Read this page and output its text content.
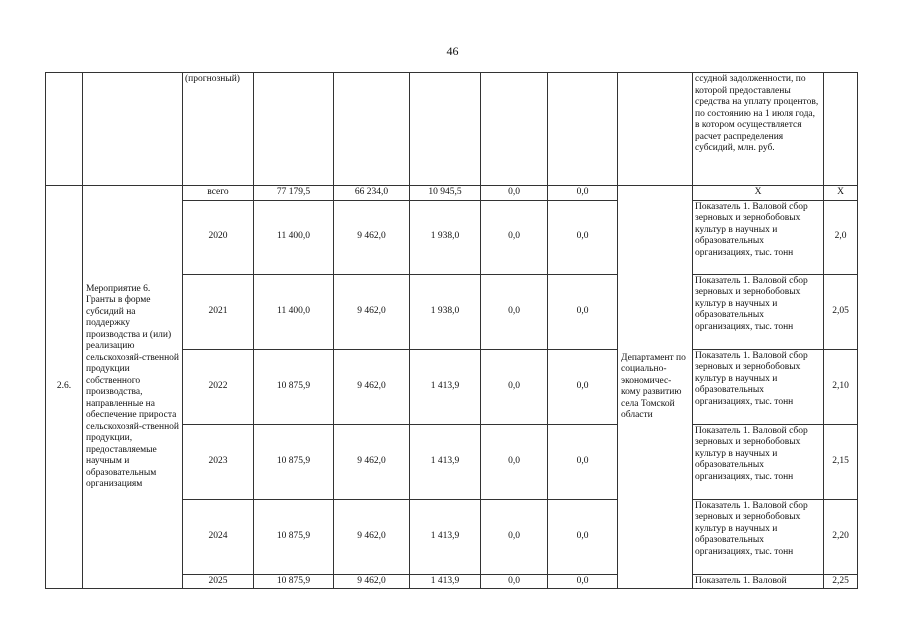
46
		(прогнозный)							ссудной задолженности, по которой предоставлены средства на уплату процентов, по состоянию на 1 июля года, в котором осуществляется расчет распределения субсидий, млн. руб.	
2.6.	Мероприятие 6. Гранты в форме субсидий на поддержку производства и (или) реализацию сельскохозяй-ственной продукции собственного производства, направленные на обеспечение прироста сельскохозяй-ственной продукции, предоставляемые научным и образовательным организациям	всего	77 179,5	66 234,0	10 945,5	0,0	0,0	Департамент по социально-экономичес-кому развитию села Томской области	X	X
		2020	11 400,0	9 462,0	1 938,0	0,0	0,0		Показатель 1. Валовой сбор зерновых и зернобобовых культур в научных и образовательных организациях, тыс. тонн	2,0
		2021	11 400,0	9 462,0	1 938,0	0,0	0,0		Показатель 1. Валовой сбор зерновых и зернобобовых культур в научных и образовательных организациях, тыс. тонн	2,05
		2022	10 875,9	9 462,0	1 413,9	0,0	0,0		Показатель 1. Валовой сбор зерновых и зернобобовых культур в научных и образовательных организациях, тыс. тонн	2,10
		2023	10 875,9	9 462,0	1 413,9	0,0	0,0		Показатель 1. Валовой сбор зерновых и зернобобовых культур в научных и образовательных организациях, тыс. тонн	2,15
		2024	10 875,9	9 462,0	1 413,9	0,0	0,0		Показатель 1. Валовой сбор зерновых и зернобобовых культур в научных и образовательных организациях, тыс. тонн	2,20
		2025	10 875,9	9 462,0	1 413,9	0,0	0,0		Показатель 1. Валовой	2,25
